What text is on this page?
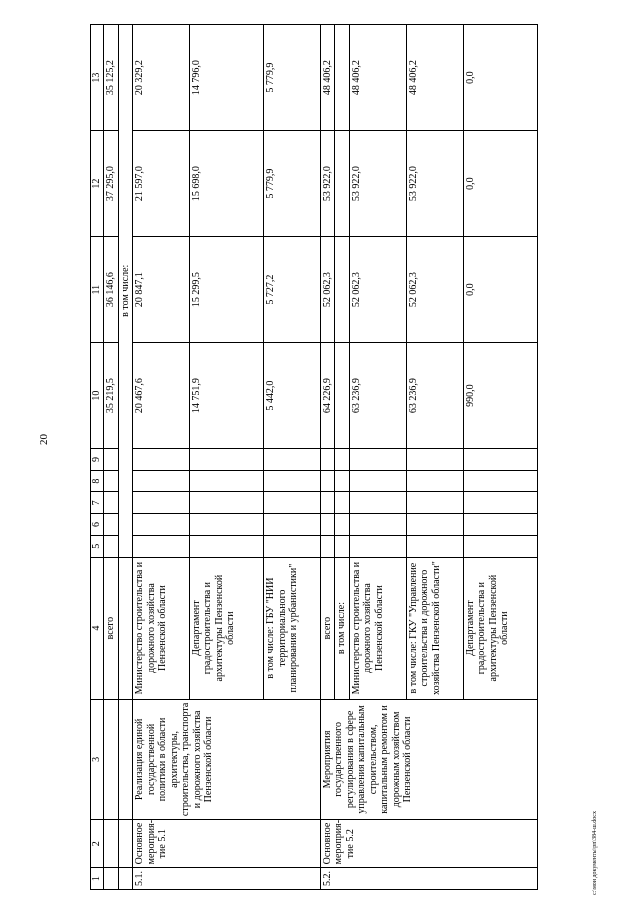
20
1	2	3	4	5	6	7	8	9	10	11	12	13
			всего						35 219,5	36 146,6	37 295,0	35 125,2
				в том числе:								
5.1.	Основное мероприя-тие 5.1	Реализация единой государственной политики в области архитектуры, строительства, транспорта и дорожного хозяйства Пензенской области	Министерство строительства и дорожного хозяйства Пензенской области						20 467,6	20 847,1	21 597,0	20 329,2
			Департамент градостроительства и архитектуры Пензенской области						14 751,9	15 299,5	15 698,0	14 796,0
			в том числе: ГБУ "НИИ территориального планирования и урбанистики"						5 442,0	5 727,2	5 779,9	5 779,9
5.2.	Основное мероприя-тие 5.2	Мероприятия государственного регулирования в сфере управления капитальным строительством, капитальным ремонтом и дорожным хозяйством Пензенской области	всего						64 226,9	52 062,3	53 922,0	48 406,2
			в том числе:									
			Министерство строительства и дорожного хозяйства Пензенской области						63 236,9	52 062,3	53 922,0	48 406,2
			в том числе: ГКУ "Управление строительства и дорожного хозяйства Пензенской области"						63 236,9	52 062,3	53 922,0	48 406,2
			Департамент градостроительства и архитектуры Пензенской области						990,0	0,0	0,0	0,0
c:\мои документы\рп\384-ш.docx
